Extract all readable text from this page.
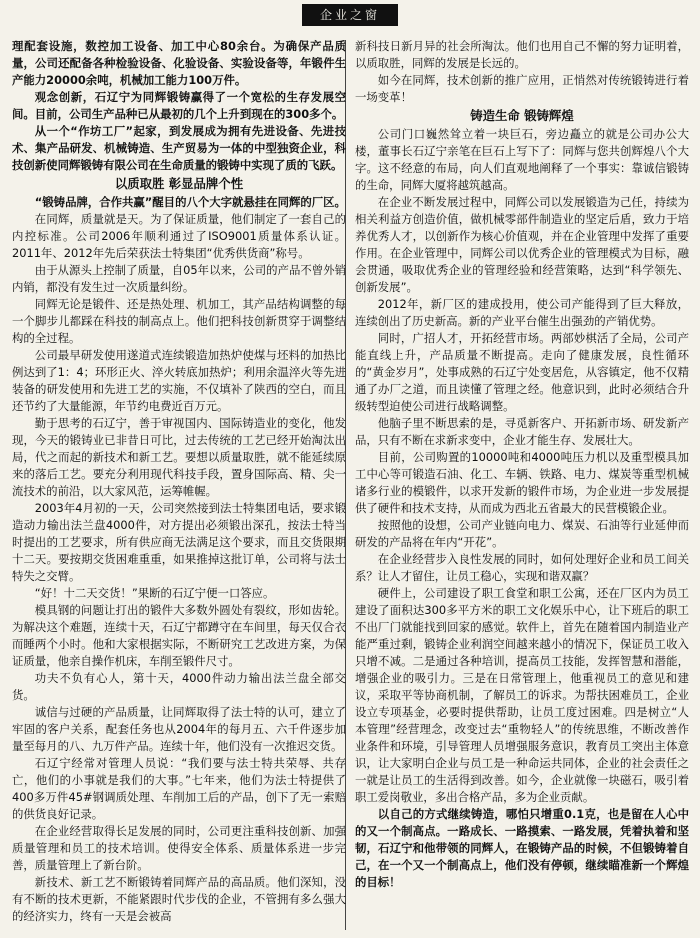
企业之窗

理配套设施，数控加工设备、加工中心80余台。为确保产品质量，公司还配备各种检验设备、化验设备、实验设备等，年锻件生产能力20000余吨，机械加工能力100万件。

观念创新，石辽宁为同辉锻铸赢得了一个宽松的生存发展空间。目前，公司生产品种已从最初的几个上升到现在的300多个。

从一个“作坊工厂”起家，到发展成为拥有先进设备、先进技术、集产品研发、机械铸造、生产贸易为一体的中型独资企业，科技创新使同辉锻铸有限公司在生命质量的锻铸中实现了质的飞跃。

以质取胜 彰显品牌个性

“锻铸品牌，合作共赢”醒目的八个大字就悬挂在同辉的厂区。

在同辉，质量就是天。为了保证质量，他们制定了一套自己的内控标准。公司2006年顺利通过了ISO9001质量体系认证。2011年、2012年先后荣获法士特集团“优秀供货商”称号。

由于从源头上控制了质量，自05年以来，公司的产品不曾外销内销，都没有发生过一次质量纠纷。

同辉无论是锻件、还是热处理、机加工，其产品结构调整的每一个脚步儿都踩在科技的制高点上。他们把科技创新贯穿于调整结构的全过程。

公司最早研发使用遂道式连续锻造加热炉使煤与坯料的加热比例达到了1：4；环形正火、淬火转底加热炉；利用余温淬火等先进装备的研发使用和先进工艺的实施，不仅填补了陕西的空白，而且还节约了大量能源，年节约电费近百万元。

勤于思考的石辽宁，善于审视国内、国际铸造业的变化，他发现，今天的锻铸业已非昔日可比，过去传统的工艺已经开始淘汰出局，代之而起的新技术和新工艺。要想以质量取胜，就不能延续原来的落后工艺。要充分利用现代科技手段，置身国际高、精、尖一流技术的前沿，以大家风范，运筹帷幄。

2003年4月初的一天，公司突然接到法士特集团电话，要求锻造动力输出法兰盘4000件，对方提出必须锻出深孔，按法士特当时提出的工艺要求，所有供应商无法满足这个要求，而且交货限期十二天。要按期交货困难重重，如果推掉这批订单，公司将与法士特失之交臂。

“好！十二天交货！”果断的石辽宁便一口答应。

模具钢的问题让打出的锻件大多数外圆处有裂纹，形如齿轮。为解决这个难题，连续十天，石辽宁都蹲守在车间里，每天仅合衣而睡两个小时。他和大家根据实际，不断研究工艺改进方案，为保证质量，他亲自操作机床，车削至锻件尺寸。

功夫不负有心人，第十天，4000件动力输出法兰盘全部交货。

诚信与过硬的产品质量，让同辉取得了法士特的认可，建立了牢固的客户关系，配套任务也从2004年的每月五、六千件逐步加量至每月的八、九万件产品。连续十年，他们没有一次推迟交货。

石辽宁经常对管理人员说：“我们要与法士特共荣辱、共存亡，他们的小事就是我们的大事。”七年来，他们为法士特提供了400多万件45#钢调质处理、车削加工后的产品，创下了无一索赔的供货良好记录。

在企业经营取得长足发展的同时，公司更注重科技创新、加强质量管理和员工的技术培训。使得安全体系、质量体系进一步完善，质量管理上了新台阶。

新技术、新工艺不断锻铸着同辉产品的高品质。他们深知，没有不断的技术更新，不能紧跟时代步伐的企业，不管拥有多么强大的经济实力，终有一天是会被高

新科技日新月异的社会所淘汰。他们也用自己不懈的努力证明着，以质取胜，同辉的发展是长远的。

如今在同辉，技术创新的推广应用，正悄然对传统锻铸进行着一场变革！

铸造生命 锻铸辉煌

公司门口巍然耸立着一块巨石，旁边矗立的就是公司办公大楼，董事长石辽宁亲笔在巨石上写下了：同辉与您共创辉煌八个大字。这不经意的布局，向人们直观地阐释了一个事实：靠诚信锻铸的生命，同辉大厦将越筑越高。

在企业不断发展过程中，同辉公司以发展锻造为己任，持续为相关利益方创造价值，做机械零部件制造业的坚定后盾，致力于培养优秀人才，以创新作为核心价值观，并在企业管理中发挥了重要作用。在企业管理中，同辉公司以优秀企业的管理模式为目标，融会贯通，吸取优秀企业的管理经验和经营策略，达到“科学领先、创新发展”。

2012年，新厂区的建成投用，使公司产能得到了巨大释放，连续创出了历史新高。新的产业平台催生出强劲的产销优势。

同时，广招人才，开拓经营市场。两部妙棋活了全局，公司产能直线上升，产品质量不断提高。走向了健康发展，良性循环的“黄金岁月”，处事成熟的石辽宁处变居危，从容镇定，他不仅精通了办厂之道，而且读懂了管理之经。他意识到，此时必须结合升级转型迫使公司进行战略调整。

他脑子里不断思索的是，寻觅新客户、开拓新市场、研发新产品，只有不断在求新求变中，企业才能生存、发展壮大。

目前，公司购置的10000吨和4000吨压力机以及重型模具加工中心等可锻造石油、化工、车辆、铁路、电力、煤炭等重型机械诸多行业的模锻件，以求开发新的锻件市场，为企业进一步发展提供了硬件和技术支持，从而成为西北五省最大的民营模锻企业。

按照他的设想，公司产业链向电力、煤炭、石油等行业延伸而研发的产品将在年内“开花”。

在企业经营步入良性发展的同时，如何处理好企业和员工间关系？让人才留住，让员工稳心，实现和谐双赢？

硬件上，公司建设了职工食堂和职工公寓，还在厂区内为员工建设了面积达300多平方米的职工文化娱乐中心，让下班后的职工不出厂门就能找到回家的感觉。软件上，首先在随着国内制造业产能严重过剩，锻铸企业利润空间越来越小的情况下，保证员工收入只增不减。二是通过各种培训，提高员工技能，发挥智慧和潜能，增强企业的吸引力。三是在日常管理上，他重视员工的意见和建议，采取平等协商机制，了解员工的诉求。为帮扶困难员工，企业设立专项基金，必要时提供帮助，让员工度过困难。四是树立“人本管理”经营理念，改变过去“重物轻人”的传统思维，不断改善作业条件和环境，引导管理人员增强服务意识，教育员工突出主体意识，让大家明白企业与员工是一种命运共同体，企业的社会责任之一就是让员工的生活得到改善。如今，企业就像一块磁石，吸引着职工爱岗敬业，多出合格产品，多为企业贡献。

以自己的方式继续铸造，哪怕只增重0.1克，也是留在人心中的又一个制高点。一路成长、一路摸索、一路发展，凭着执着和坚韧，石辽宁和他带领的同辉人，在锻铸产品的时候，不但锻铸着自己，在一个又一个制高点上，他们没有停顿，继续瞄准新一个辉煌的目标！
